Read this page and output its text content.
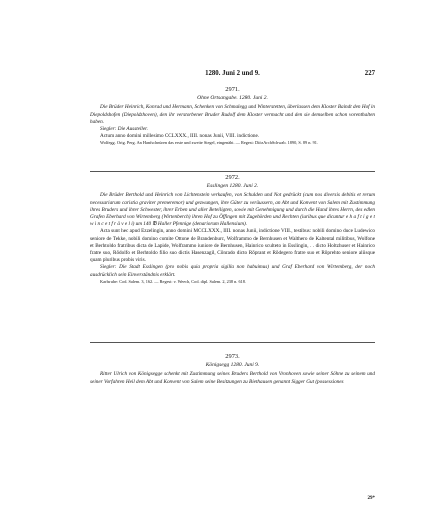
1280. Juni 2 und 9.	227

2971.

Ohne Ortsangabe. 1280. Juni 2.

Die Brüder Heinrich, Konrad und Hermann, Schenken von Schmalegg und Winterstetten, überlassen dem Kloster Baindt den Hof in Diepoldshofen (Diepoldzhoven), den ihr verstorbener Bruder Rudolf dem Kloster vermacht und den sie demselben schon vorenthalten haben.

Siegler: Die Aussteller.

Actum anno domini millesimo CCLXXX., IIII. nonas Junii, VIII. indictione.

Wolfegg. Orig. Perg. An Hanfschnüren das erste und zweite Siegel, eingenäht. — Regest: DiözArchSchwab. 1890, S. 89 n. 91.

2972.

Esslingen 1280. Juni 2.

Die Brüder Berthold und Heinrich von Lichtenstein verkaufen, von Schulden und Not gedrückt (cum nos diversis debitis et rerum necessariarum caristia graviter premeremor) und gezwungen, ihre Güter zu veräussern, an Abt und Konvent von Salem mit Zustimmung ihres Bruders und ihrer Schwester, ihrer Erben und aller Beteiligten, sowie mit Genehmigung und durch die Hand ihres Herrn, des edlen Grafen Eberhard von Wirtemberg (Wirtenberch) ihren Hof zu Öffingen mit Zugehörden und Rechten (iuribus que dicuntur e h a f t i g e t w i n c e t f r ä v e l i) um 140 ℔ Haller Pfennige (denariorum Hallensium).

Acta sunt hec apud Ezzelingin, anno domini MCCLXXX., IIII. nonas Junii, indictione VIII., testibus: nobili domino duce Ludewico seniore de Tekke, nobili domino comite Ottone de Brandenburc, Wolframmo de Bernhusen et Walthero de Kaltental militibus, Wolfone et Berhtoldo fratribus dicta de Lapide, Wolframmo iuniore de Bernhusen, Hainrico sculteto in Esslingin, . . dicto Holtzhuser et Hainrico fratre suo, Rǒdolfo et Berhtoldo filio suo dictis Hasenzagil, Cǒnrado dicto Rǒprant et Rǒdegero fratre suo et Rǒprehto seniore aliisque quam pluribus probis viris.

Siegler: Die Stadt Esslingen (pro nobis quia propria sigilla non habuimus) und Graf Eberhard von Wirtemberg, der noch ausdrücklich sein Einverständnis erklärt.

Karlsruhe: Cod. Salem. 3, 162. — Regest: v. Weech, Cod. dipl. Salem. 2, 238 n. 618.

2973.

Königsegg 1280. Juni 9.

Ritter Ulrich von Königsegge schenkt mit Zustimmung seines Bruders Berthold von Vronhoven sowie seiner Söhne zu seinem und seiner Vorfahren Heil dem Abt und Konvent von Salem seine Besitzungen zu Biethausen genannt Sigger Gut (possessiones

29*
